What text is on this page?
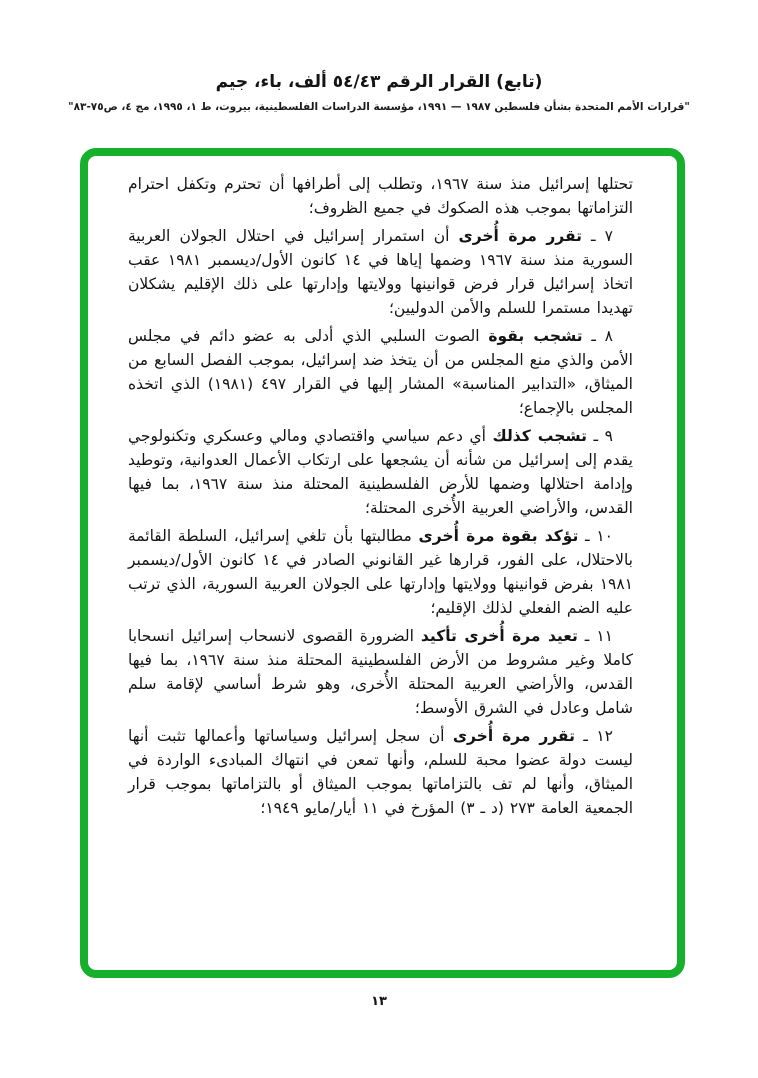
(تابع) القرار الرقم ٥٤/٤٣ ألف، باء، جيم
"قرارات الأمم المتحدة بشأن فلسطين ١٩٨٧ — ١٩٩١، مؤسسة الدراسات الفلسطينية، بيروت، ط ١، ١٩٩٥، مج ٤، ص٧٥-٨٣"

تحتلها إسرائيل منذ سنة ١٩٦٧، وتطلب إلى أطرافها أن تحترم وتكفل احترام التزاماتها بموجب هذه الصكوك في جميع الظروف؛

٧ ـ تقرر مرة أُخرى أن استمرار إسرائيل في احتلال الجولان العربية السورية منذ سنة ١٩٦٧ وضمها إياها في ١٤ كانون الأول/ديسمبر ١٩٨١ عقب اتخاذ إسرائيل قرار فرض قوانينها وولايتها وإدارتها على ذلك الإقليم يشكلان تهديدا مستمرا للسلم والأمن الدوليين؛

٨ ـ تشجب بقوة الصوت السلبي الذي أدلى به عضو دائم في مجلس الأمن والذي منع المجلس من أن يتخذ ضد إسرائيل، بموجب الفصل السابع من الميثاق، «التدابير المناسبة» المشار إليها في القرار ٤٩٧ (١٩٨١) الذي اتخذه المجلس بالإجماع؛

٩ ـ تشجب كذلك أي دعم سياسي واقتصادي ومالي وعسكري وتكنولوجي يقدم إلى إسرائيل من شأنه أن يشجعها على ارتكاب الأعمال العدوانية، وتوطيد وإدامة احتلالها وضمها للأرض الفلسطينية المحتلة منذ سنة ١٩٦٧، بما فيها القدس، والأراضي العربية الأُخرى المحتلة؛

١٠ ـ تؤكد بقوة مرة أُخرى مطالبتها بأن تلغي إسرائيل، السلطة القائمة بالاحتلال، على الفور، قرارها غير القانوني الصادر في ١٤ كانون الأول/ديسمبر ١٩٨١ بفرض قوانينها وولايتها وإدارتها على الجولان العربية السورية، الذي ترتب عليه الضم الفعلي لذلك الإقليم؛

١١ ـ تعيد مرة أُخرى تأكيد الضرورة القصوى لانسحاب إسرائيل انسحابا كاملا وغير مشروط من الأرض الفلسطينية المحتلة منذ سنة ١٩٦٧، بما فيها القدس، والأراضي العربية المحتلة الأُخرى، وهو شرط أساسي لإقامة سلم شامل وعادل في الشرق الأوسط؛

١٢ ـ تقرر مرة أُخرى أن سجل إسرائيل وسياساتها وأعمالها تثبت أنها ليست دولة عضوا محبة للسلم، وأنها تمعن في انتهاك المبادىء الواردة في الميثاق، وأنها لم تف بالتزاماتها بموجب الميثاق أو بالتزاماتها بموجب قرار الجمعية العامة ٢٧٣ (د ـ ٣) المؤرخ في ١١ أيار/مايو ١٩٤٩؛

١٣
